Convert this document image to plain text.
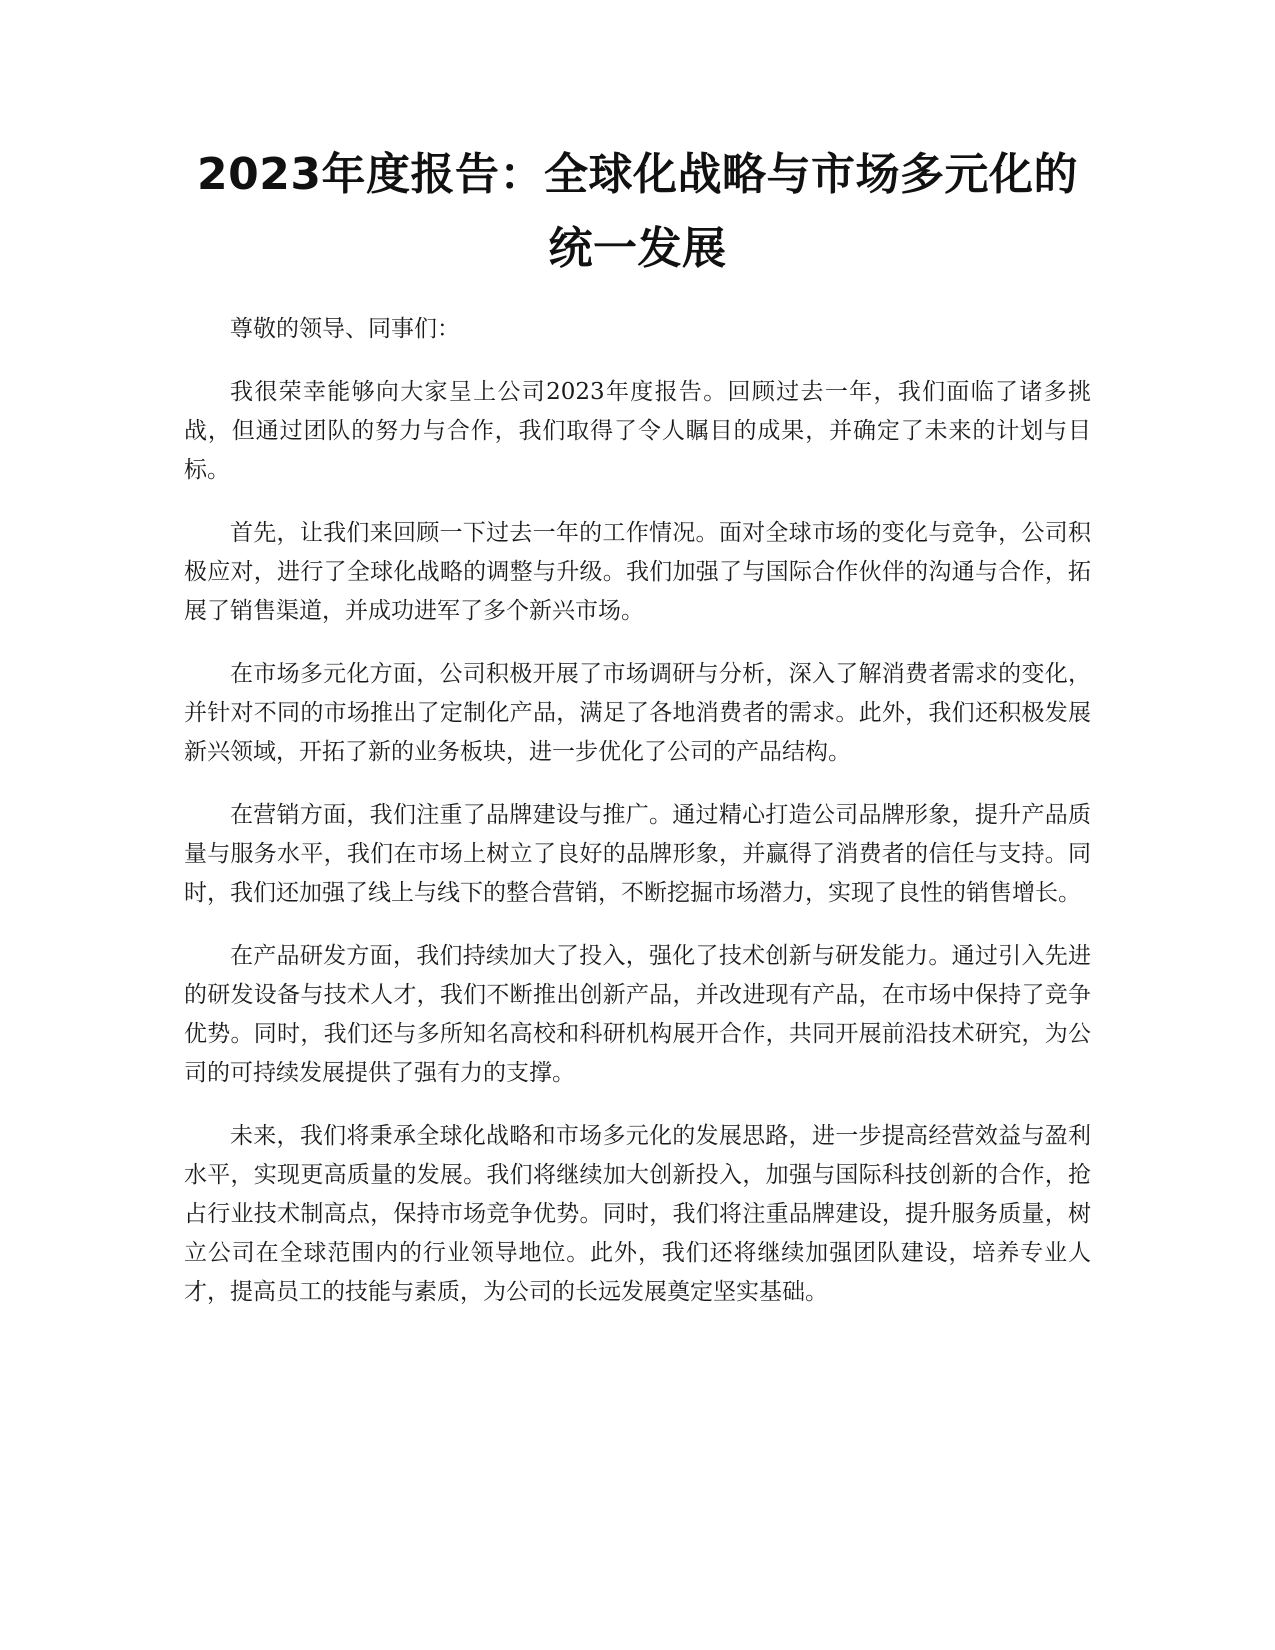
2023年度报告：全球化战略与市场多元化的
统一发展

尊敬的领导、同事们：

我很荣幸能够向大家呈上公司2023年度报告。回顾过去一年，我们面临了诸多挑战，但通过团队的努力与合作，我们取得了令人瞩目的成果，并确定了未来的计划与目标。

首先，让我们来回顾一下过去一年的工作情况。面对全球市场的变化与竞争，公司积极应对，进行了全球化战略的调整与升级。我们加强了与国际合作伙伴的沟通与合作，拓展了销售渠道，并成功进军了多个新兴市场。

在市场多元化方面，公司积极开展了市场调研与分析，深入了解消费者需求的变化，并针对不同的市场推出了定制化产品，满足了各地消费者的需求。此外，我们还积极发展新兴领域，开拓了新的业务板块，进一步优化了公司的产品结构。

在营销方面，我们注重了品牌建设与推广。通过精心打造公司品牌形象，提升产品质量与服务水平，我们在市场上树立了良好的品牌形象，并赢得了消费者的信任与支持。同时，我们还加强了线上与线下的整合营销，不断挖掘市场潜力，实现了良性的销售增长。

在产品研发方面，我们持续加大了投入，强化了技术创新与研发能力。通过引入先进的研发设备与技术人才，我们不断推出创新产品，并改进现有产品，在市场中保持了竞争优势。同时，我们还与多所知名高校和科研机构展开合作，共同开展前沿技术研究，为公司的可持续发展提供了强有力的支撑。

未来，我们将秉承全球化战略和市场多元化的发展思路，进一步提高经营效益与盈利水平，实现更高质量的发展。我们将继续加大创新投入，加强与国际科技创新的合作，抢占行业技术制高点，保持市场竞争优势。同时，我们将注重品牌建设，提升服务质量，树立公司在全球范围内的行业领导地位。此外，我们还将继续加强团队建设，培养专业人才，提高员工的技能与素质，为公司的长远发展奠定坚实基础。
